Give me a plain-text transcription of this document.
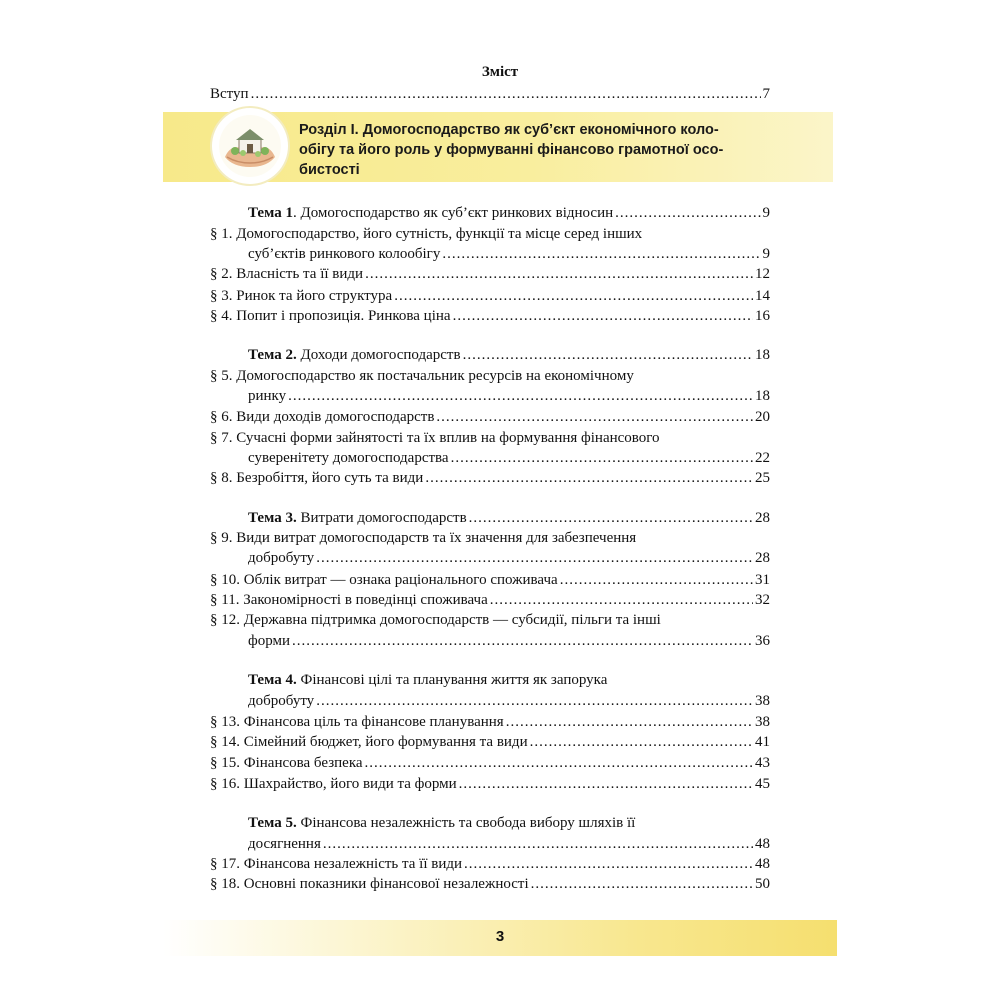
Зміст
Вступ .....	7
Розділ І. Домогосподарство як суб’єкт економічного коло-
обігу та його роль у формуванні фінансово грамотної осо-
бистості
Тема 1. Домогосподарство як суб’єкт ринкових відносин .....	9
§ 1. Домогосподарство, його сутність, функції та місце серед інших
суб’єктів ринкового колообігу .....	9
§ 2. Власність та її види .....	12
§ 3. Ринок та його структура .....	14
§ 4. Попит і пропозиція. Ринкова ціна .....	16
Тема 2. Доходи домогосподарств .....	18
§ 5. Домогосподарство як постачальник ресурсів на економічному
ринку .....	18
§ 6. Види доходів домогосподарств .....	20
§ 7. Сучасні форми зайнятості та їх вплив на формування фінансового
суверенітету домогосподарства .....	22
§ 8. Безробіття, його суть та види .....	25
Тема 3. Витрати домогосподарств .....	28
§ 9. Види витрат домогосподарств та їх значення для забезпечення
добробуту .....	28
§ 10. Облік витрат — ознака раціонального споживача .....	31
§ 11. Закономірності в поведінці споживача .....	32
§ 12. Державна підтримка домогосподарств — субсидії, пільги та інші
форми .....	36
Тема 4. Фінансові цілі та планування життя як запорука
добробуту .....	38
§ 13. Фінансова ціль та фінансове планування .....	38
§ 14. Сімейний бюджет, його формування та види .....	41
§ 15. Фінансова безпека .....	43
§ 16. Шахрайство, його види та форми .....	45
Тема 5. Фінансова незалежність та свобода вибору шляхів її
досягнення .....	48
§ 17. Фінансова незалежність та її види .....	48
§ 18. Основні показники фінансової незалежності .....	50
3
